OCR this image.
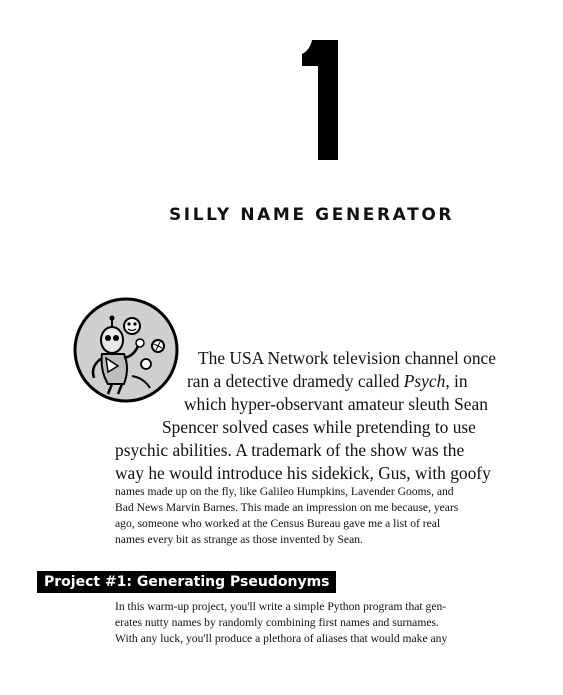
SILLY NAME GENERATOR

The USA Network television channel once
ran a detective dramedy called Psych, in
which hyper-observant amateur sleuth Sean
Spencer solved cases while pretending to use
psychic abilities. A trademark of the show was the
way he would introduce his sidekick, Gus, with goofy

names made up on the fly, like Galileo Humpkins, Lavender Gooms, and
Bad News Marvin Barnes. This made an impression on me because, years
ago, someone who worked at the Census Bureau gave me a list of real
names every bit as strange as those invented by Sean.

Project #1: Generating Pseudonyms

In this warm-up project, you'll write a simple Python program that gen-
erates nutty names by randomly combining first names and surnames.
With any luck, you'll produce a plethora of aliases that would make any
